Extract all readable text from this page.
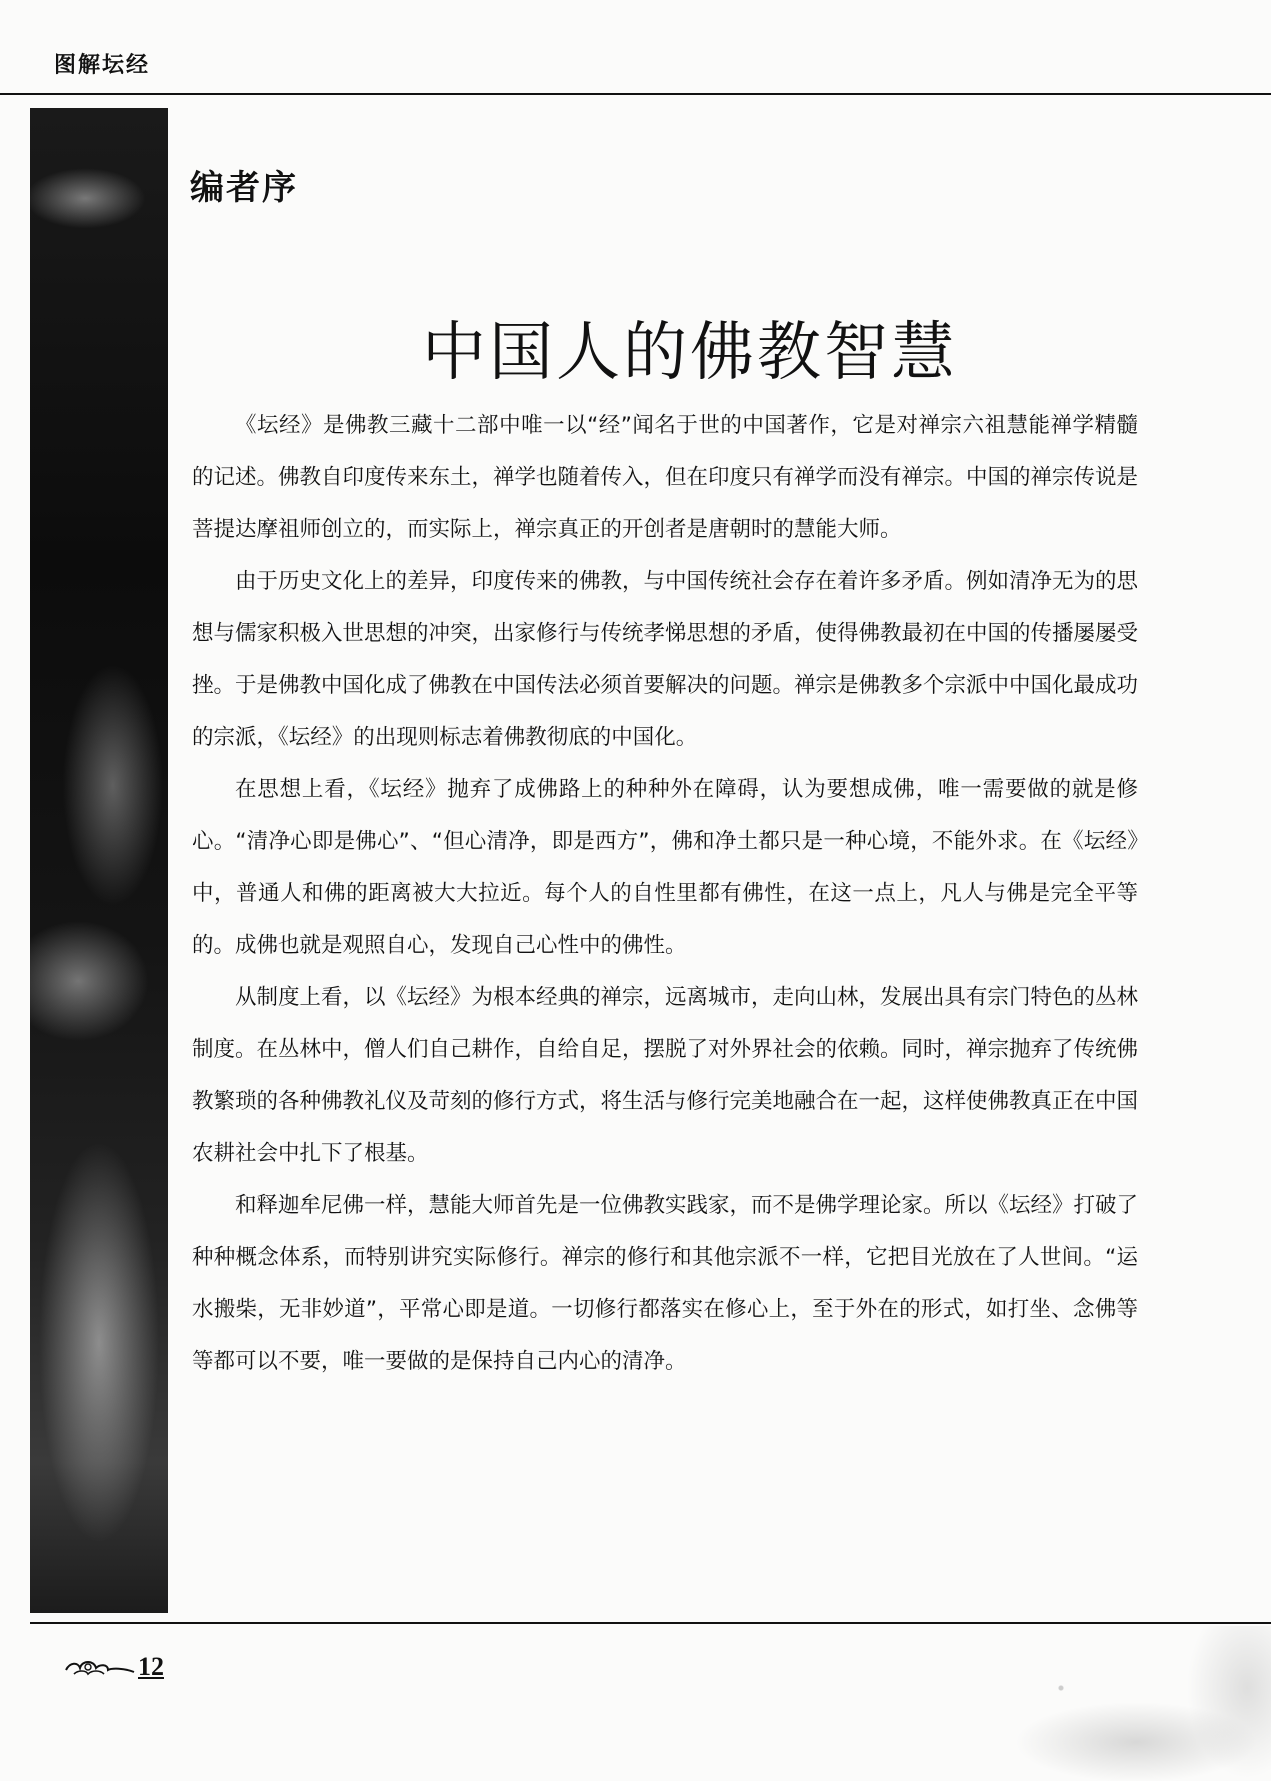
图解坛经
编者序
中国人的佛教智慧

《坛经》是佛教三藏十二部中唯一以“经”闻名于世的中国著作，它是对禅宗六祖慧能禅学精髓的记述。佛教自印度传来东土，禅学也随着传入，但在印度只有禅学而没有禅宗。中国的禅宗传说是菩提达摩祖师创立的，而实际上，禅宗真正的开创者是唐朝时的慧能大师。

由于历史文化上的差异，印度传来的佛教，与中国传统社会存在着许多矛盾。例如清净无为的思想与儒家积极入世思想的冲突，出家修行与传统孝悌思想的矛盾，使得佛教最初在中国的传播屡屡受挫。于是佛教中国化成了佛教在中国传法必须首要解决的问题。禅宗是佛教多个宗派中中国化最成功的宗派，《坛经》的出现则标志着佛教彻底的中国化。

在思想上看，《坛经》抛弃了成佛路上的种种外在障碍，认为要想成佛，唯一需要做的就是修心。“清净心即是佛心”、“但心清净，即是西方”，佛和净土都只是一种心境，不能外求。在《坛经》中，普通人和佛的距离被大大拉近。每个人的自性里都有佛性，在这一点上，凡人与佛是完全平等的。成佛也就是观照自心，发现自己心性中的佛性。

从制度上看，以《坛经》为根本经典的禅宗，远离城市，走向山林，发展出具有宗门特色的丛林制度。在丛林中，僧人们自己耕作，自给自足，摆脱了对外界社会的依赖。同时，禅宗抛弃了传统佛教繁琐的各种佛教礼仪及苛刻的修行方式，将生活与修行完美地融合在一起，这样使佛教真正在中国农耕社会中扎下了根基。

和释迦牟尼佛一样，慧能大师首先是一位佛教实践家，而不是佛学理论家。所以《坛经》打破了种种概念体系，而特别讲究实际修行。禅宗的修行和其他宗派不一样，它把目光放在了人世间。“运水搬柴，无非妙道”，平常心即是道。一切修行都落实在修心上，至于外在的形式，如打坐、念佛等等都可以不要，唯一要做的是保持自己内心的清净。

12
